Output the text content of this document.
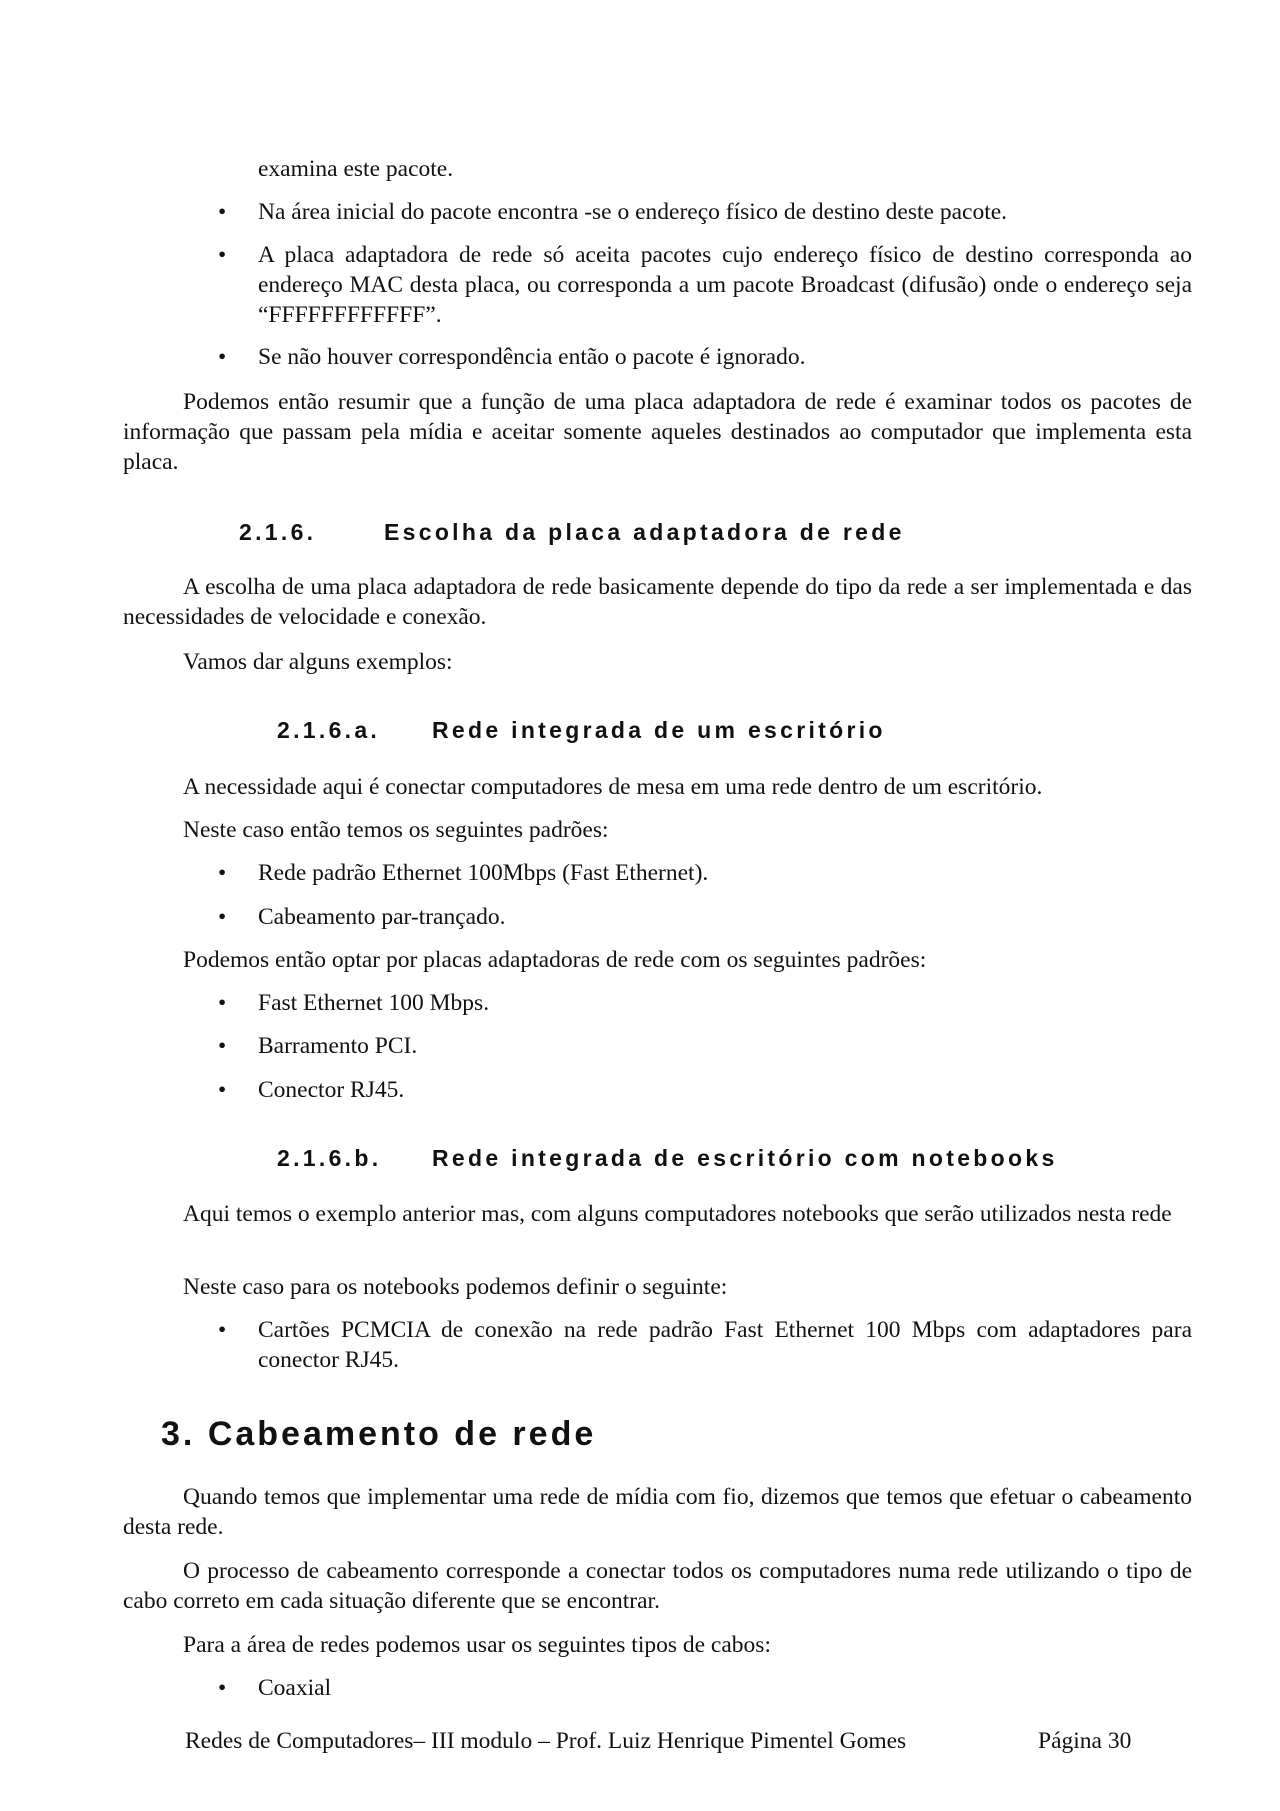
examina este pacote.

• Na área inicial do pacote encontra -se o endereço físico de destino deste pacote.
• A placa adaptadora de rede só aceita pacotes cujo endereço físico de destino corresponda ao endereço MAC desta placa, ou corresponda a um pacote Broadcast (difusão) onde o endereço seja “FFFFFFFFFFFF”.
• Se não houver correspondência então o pacote é ignorado.

Podemos então resumir que a função de uma placa adaptadora de rede é examinar todos os pacotes de informação que passam pela mídia e aceitar somente aqueles destinados ao computador que implementa esta placa.

2.1.6.	Escolha da placa adaptadora de rede

A escolha de uma placa adaptadora de rede basicamente depende do tipo da rede a ser implementada e das necessidades de velocidade e conexão.

Vamos dar alguns exemplos:

2.1.6.a. Rede integrada de um escritório

A necessidade aqui é conectar computadores de mesa em uma rede dentro de um escritório.

Neste caso então temos os seguintes padrões:

• Rede padrão Ethernet 100Mbps (Fast Ethernet).
• Cabeamento par-trançado.

Podemos então optar por placas adaptadoras de rede com os seguintes padrões:

• Fast Ethernet 100 Mbps.
• Barramento PCI.
• Conector RJ45.
2.1.6.b. Rede integrada de escritório com notebooks

Aqui temos o exemplo anterior mas, com alguns computadores notebooks que serão utilizados nesta rede

Neste caso para os notebooks podemos definir o seguinte:

• Cartões PCMCIA de conexão na rede padrão Fast Ethernet 100 Mbps com adaptadores para conector RJ45.
3. Cabeamento de rede

Quando temos que implementar uma rede de mídia com fio, dizemos que temos que efetuar o cabeamento desta rede.

O processo de cabeamento corresponde a conectar todos os computadores numa rede utilizando o tipo de cabo correto em cada situação diferente que se encontrar.

Para a área de redes podemos usar os seguintes tipos de cabos:

• Coaxial
Redes de Computadores– III modulo – Prof. Luiz Henrique Pimentel Gomes	Página 30
